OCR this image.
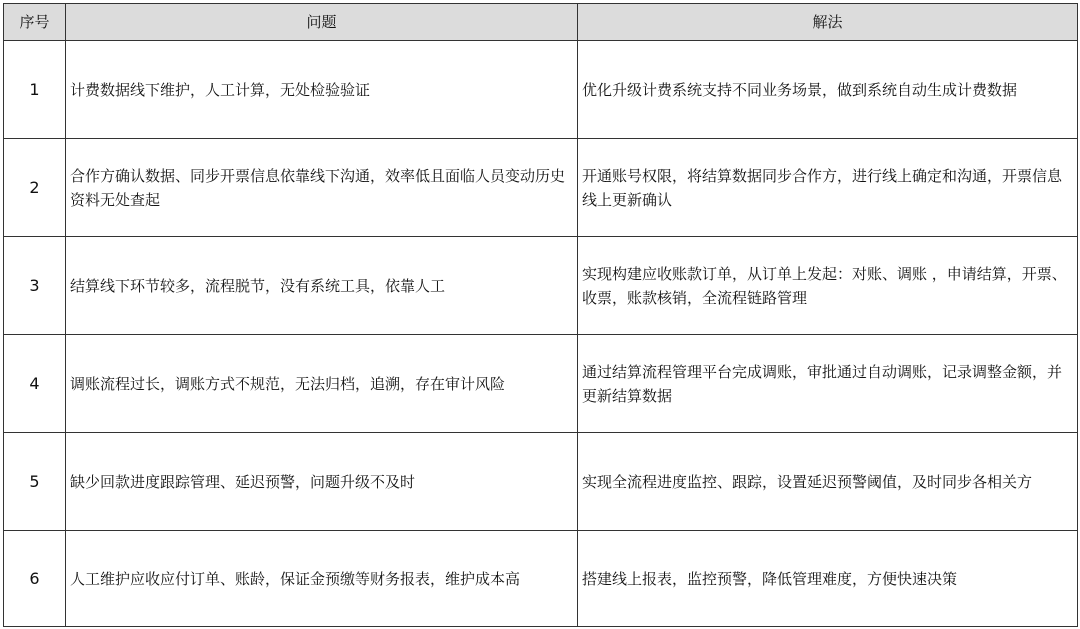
序号	问题	解法
1	计费数据线下维护，人工计算，无处检验验证	优化升级计费系统支持不同业务场景，做到系统自动生成计费数据
2	合作方确认数据、同步开票信息依靠线下沟通，效率低且面临人员变动历史资料无处查起	开通账号权限，将结算数据同步合作方，进行线上确定和沟通，开票信息线上更新确认
3	结算线下环节较多，流程脱节，没有系统工具，依靠人工	实现构建应收账款订单，从订单上发起：对账、调账 ，申请结算，开票、收票，账款核销，全流程链路管理
4	调账流程过长，调账方式不规范，无法归档，追溯，存在审计风险	通过结算流程管理平台完成调账，审批通过自动调账，记录调整金额，并更新结算数据
5	缺少回款进度跟踪管理、延迟预警，问题升级不及时	实现全流程进度监控、跟踪，设置延迟预警阈值，及时同步各相关方
6	人工维护应收应付订单、账龄，保证金预缴等财务报表，维护成本高	搭建线上报表，监控预警，降低管理难度，方便快速决策
